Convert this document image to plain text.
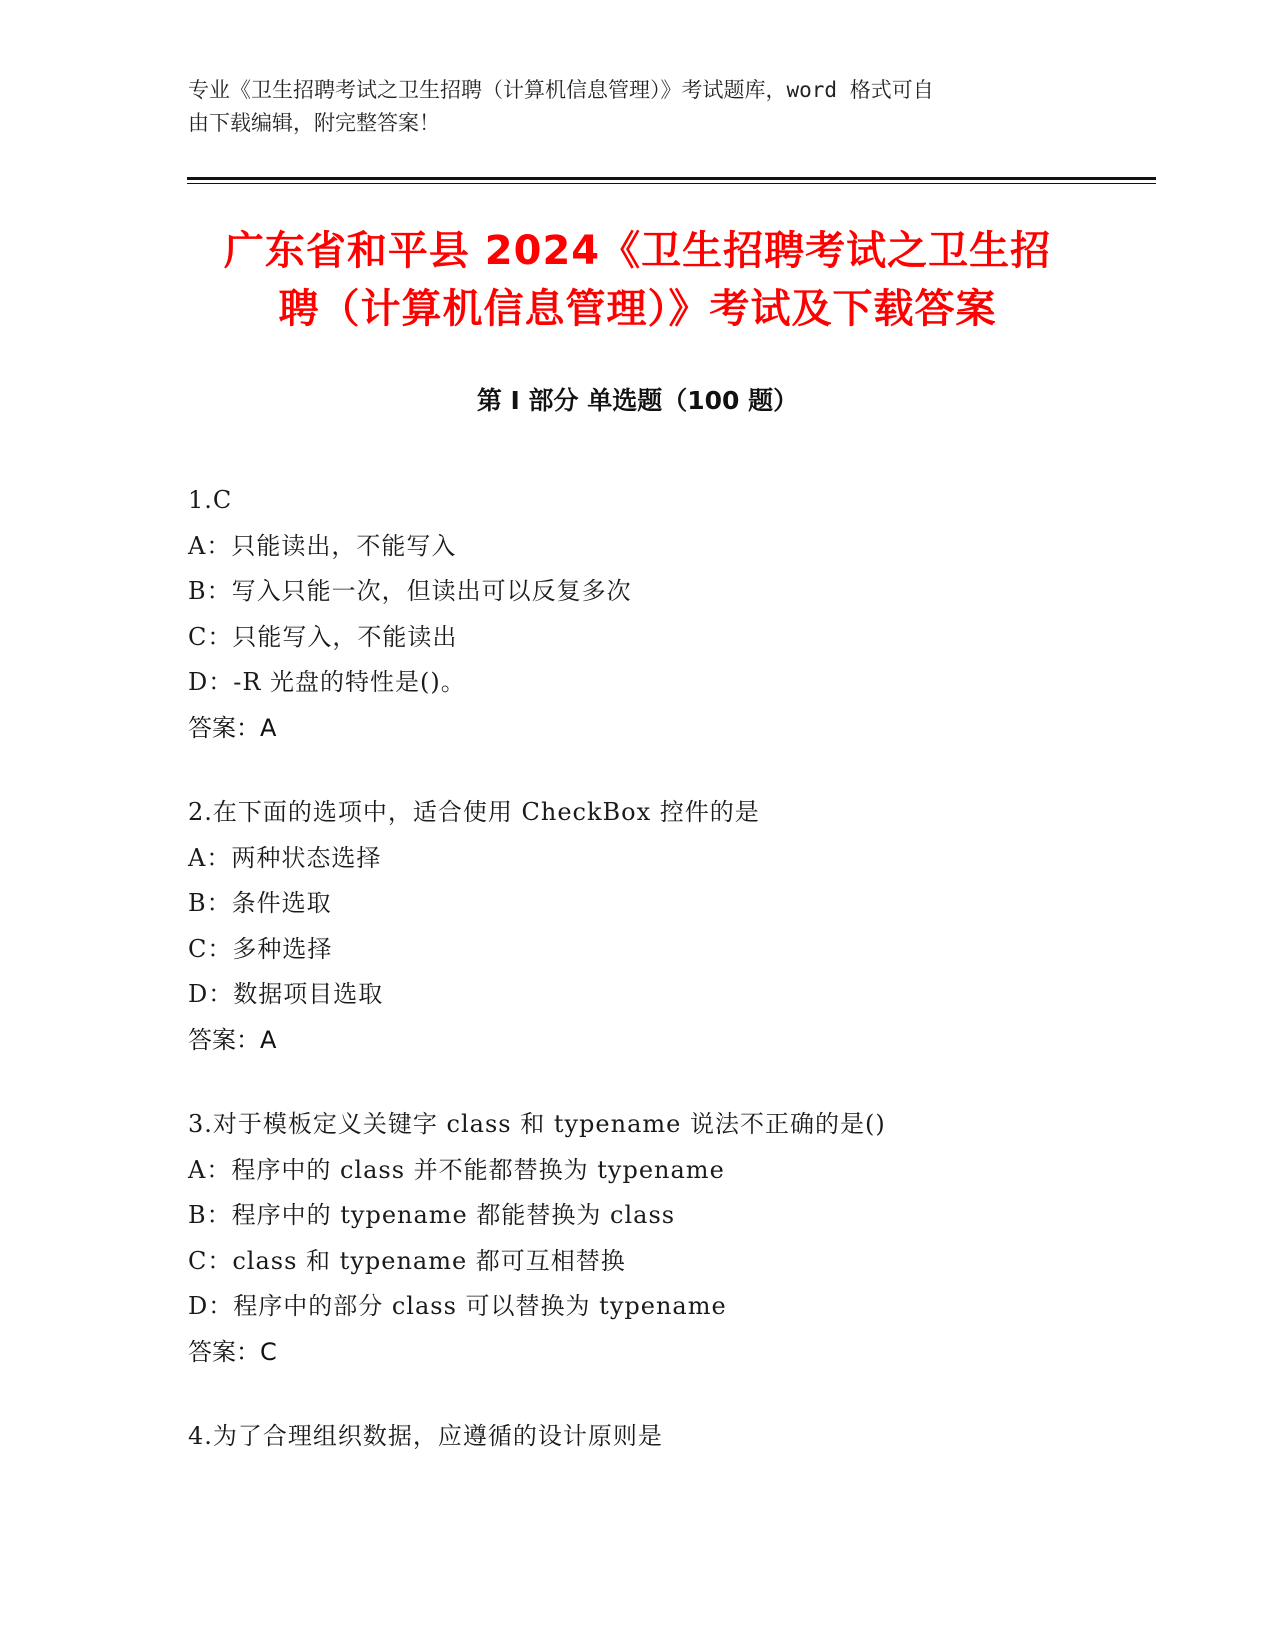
专业《卫生招聘考试之卫生招聘（计算机信息管理）》考试题库，word 格式可自
由下载编辑，附完整答案！
广东省和平县 2024《卫生招聘考试之卫生招
聘（计算机信息管理）》考试及下载答案
第 I 部分 单选题（100 题）
1.C
A：只能读出，不能写入
B：写入只能一次，但读出可以反复多次
C：只能写入，不能读出
D：-R 光盘的特性是()。
答案：A
2.在下面的选项中，适合使用 CheckBox 控件的是
A：两种状态选择
B：条件选取
C：多种选择
D：数据项目选取
答案：A
3.对于模板定义关键字 class 和 typename 说法不正确的是()
A：程序中的 class 并不能都替换为 typename
B：程序中的 typename 都能替换为 class
C：class 和 typename 都可互相替换
D：程序中的部分 class 可以替换为 typename
答案：C
4.为了合理组织数据，应遵循的设计原则是
